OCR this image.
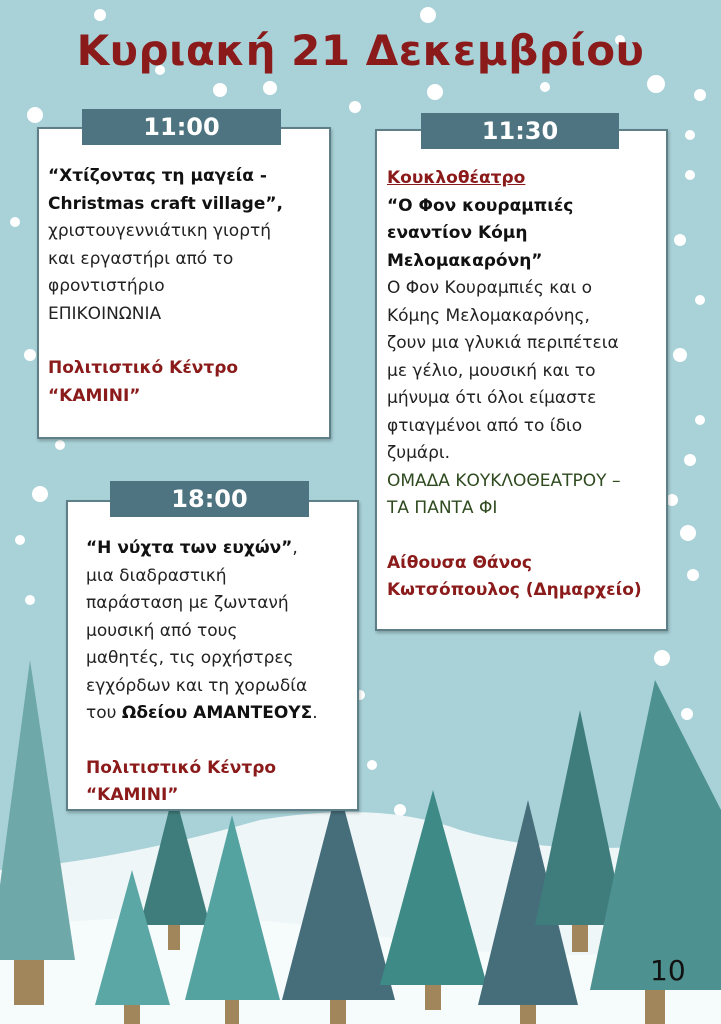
Κυριακή 21 Δεκεμβρίου
11:00

“Χτίζοντας τη μαγεία -

Christmas craft village”,

χριστουγεννιάτικη γιορτή

και εργαστήρι από το

φροντιστήριο

ΕΠΙΚΟΙΝΩΝΙΑ

Πολιτιστικό Κέντρο

“ΚΑΜΙΝΙ”

11:30

Κουκλοθέατρο

“Ο Φον κουραμπιές

εναντίον Κόμη

Μελομακαρόνη”

Ο Φον Κουραμπιές και ο

Κόμης Μελομακαρόνης,

ζουν μια γλυκιά περιπέτεια

με γέλιο, μουσική και το

μήνυμα ότι όλοι είμαστε

φτιαγμένοι από το ίδιο

ζυμάρι.

ΟΜΑΔΑ ΚΟΥΚΛΟΘΕΑΤΡΟΥ –

ΤΑ ΠΑΝΤΑ ΦΙ

Αίθουσα Θάνος

Κωτσόπουλος (Δημαρχείο)

18:00

“Η νύχτα των ευχών”,

μια διαδραστική

παράσταση με ζωντανή

μουσική από τους

μαθητές, τις ορχήστρες

εγχόρδων και τη χορωδία

του Ωδείου ΑΜΑΝΤΕΟΥΣ.

Πολιτιστικό Κέντρο

“ΚΑΜΙΝΙ”

10
